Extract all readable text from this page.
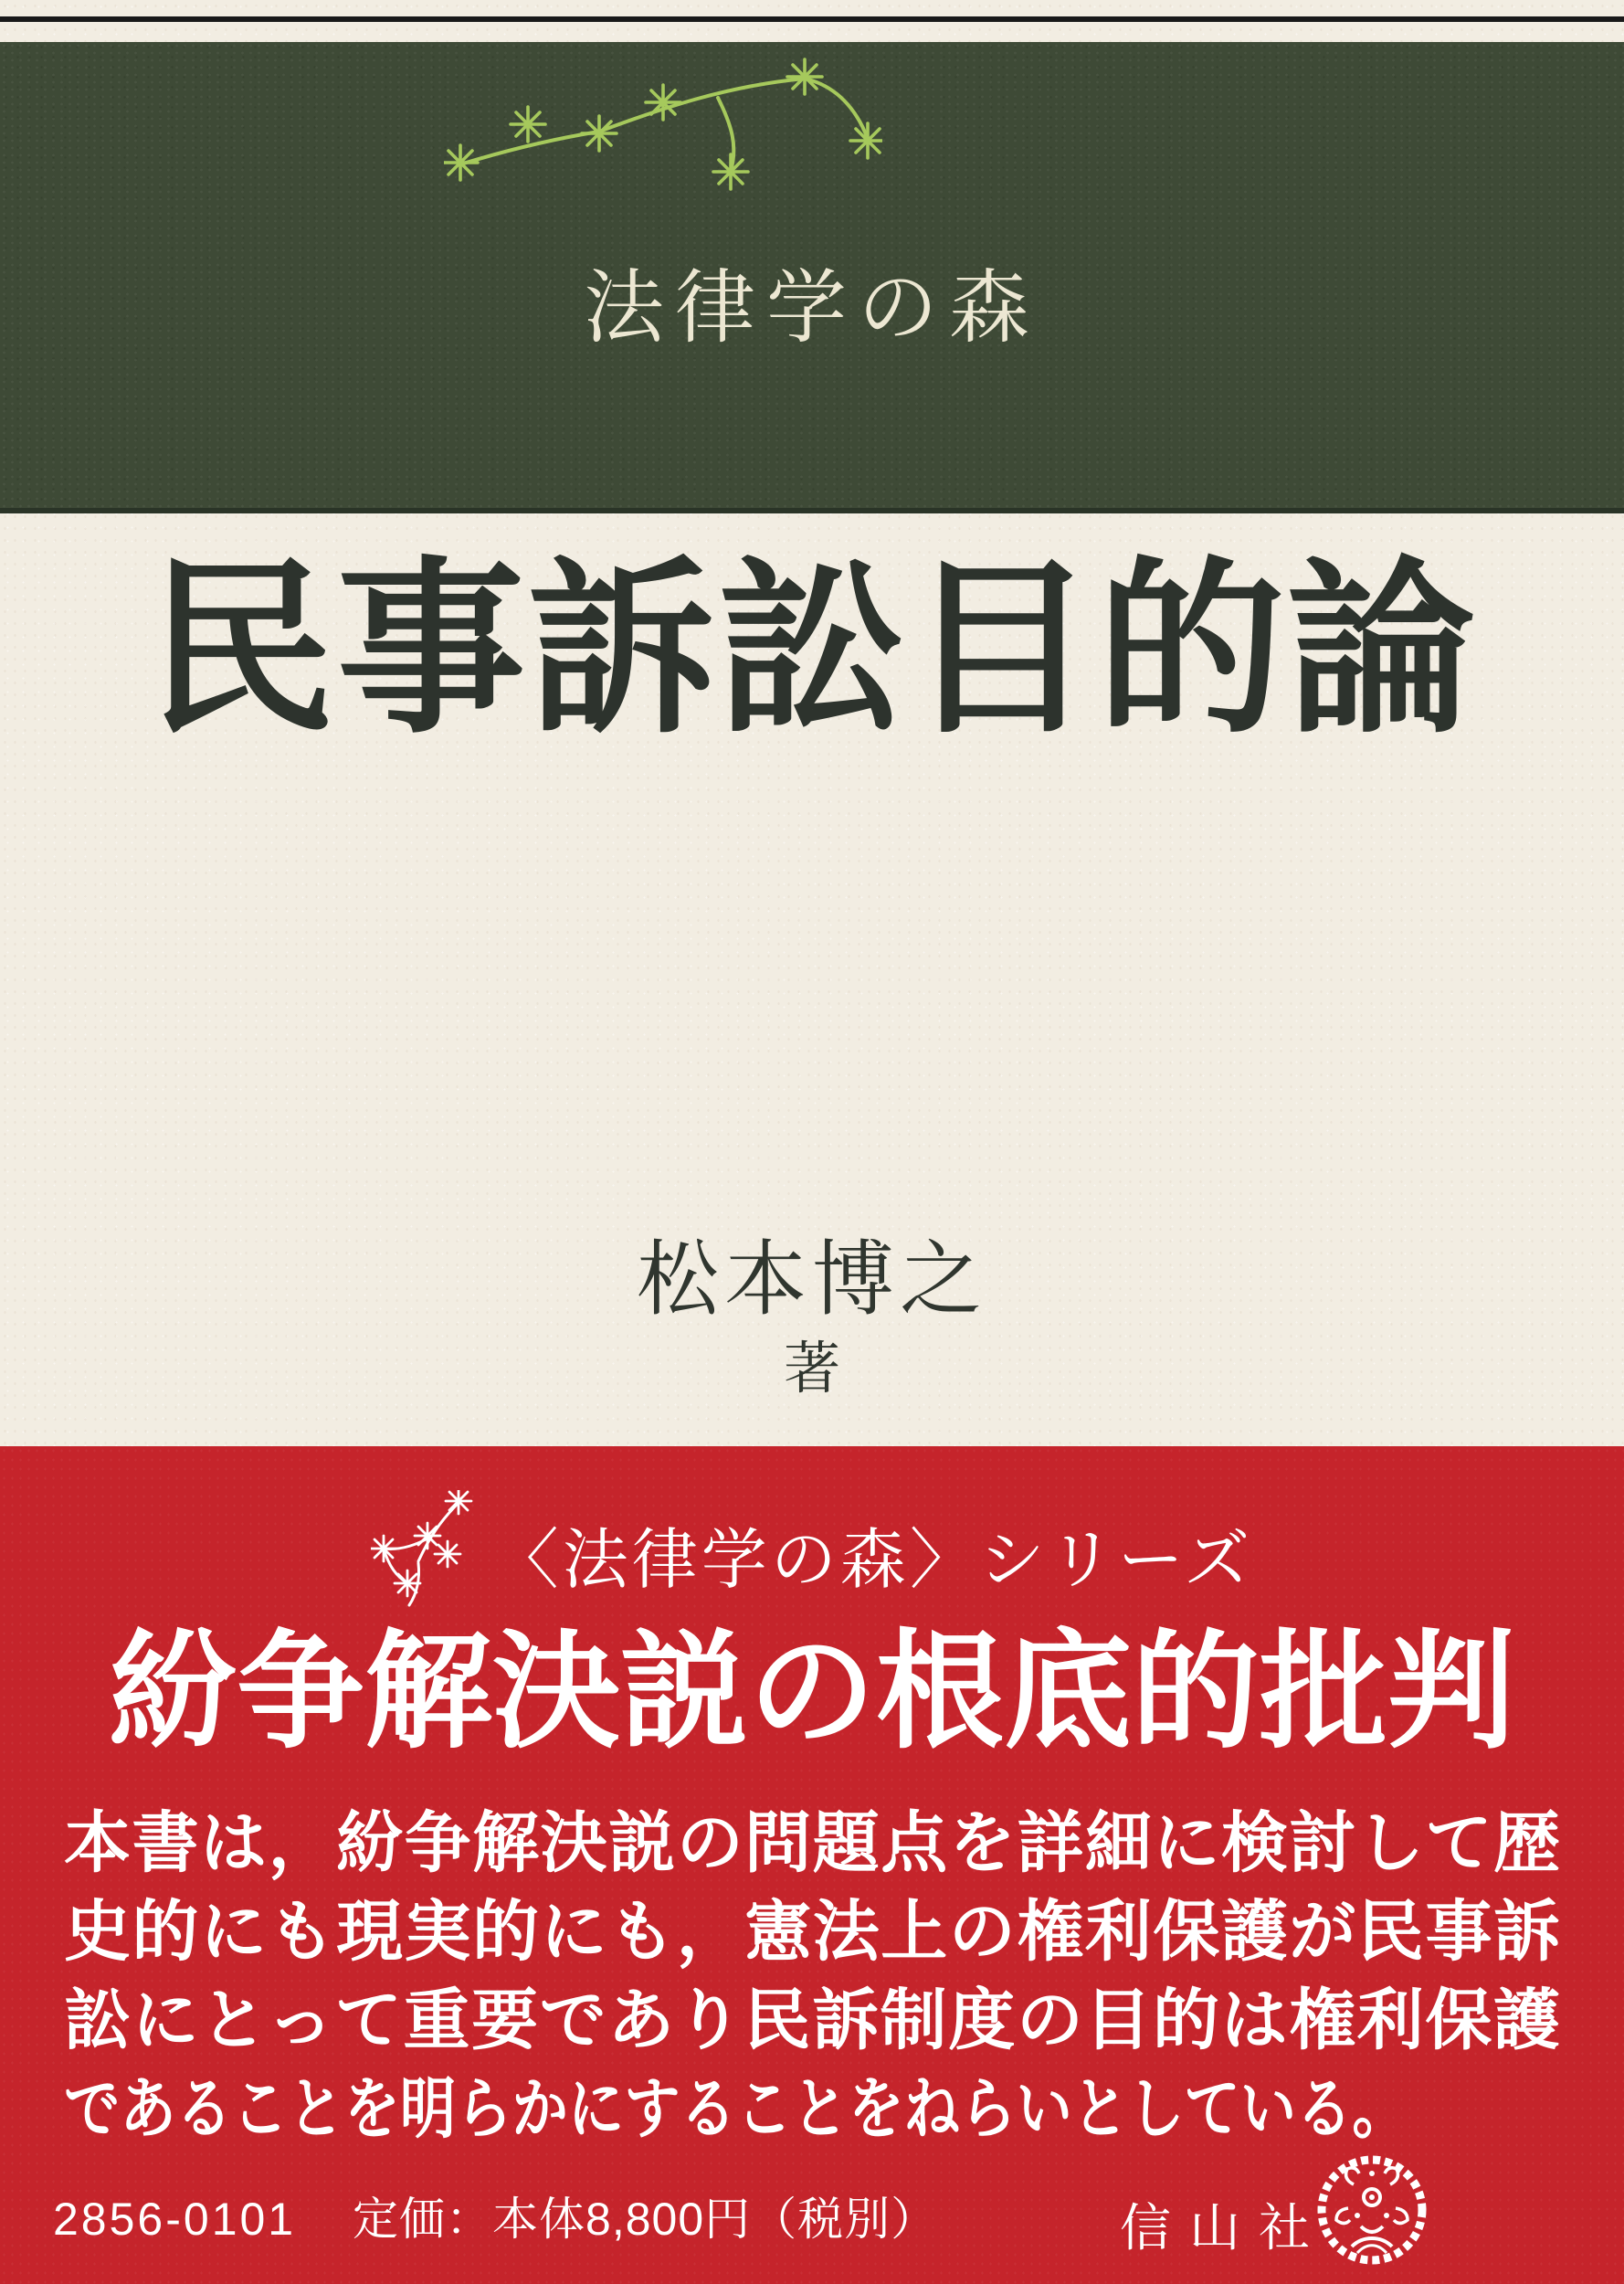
法律学の森
民事訴訟目的論
松本博之
著
〈法律学の森〉シリーズ
紛争解決説の根底的批判
本書は，紛争解決説の問題点を詳細に検討して歴
史的にも現実的にも，憲法上の権利保護が民事訴
訟にとって重要であり民訴制度の目的は権利保護
であることを明らかにすることをねらいとしている。
2856-0101 定価：本体8,800円（税別）	信山社
